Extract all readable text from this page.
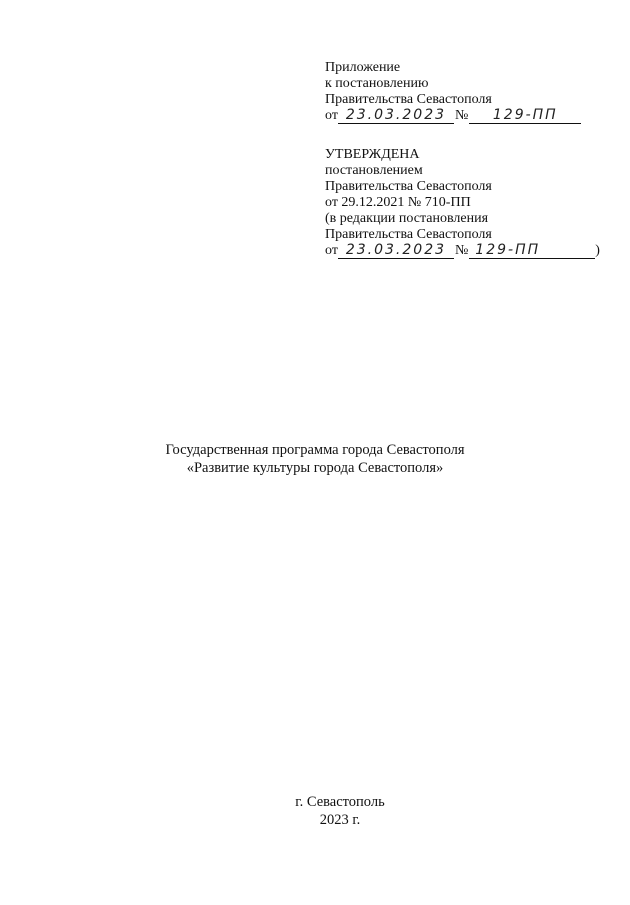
Приложение
к постановлению
Правительства Севастополя
от 23.03.2023 № 129-ПП
УТВЕРЖДЕНА
постановлением
Правительства Севастополя
от 29.12.2021 № 710-ПП
(в редакции постановления
Правительства Севастополя
от 23.03.2023 № 129-ПП	)
Государственная программа города Севастополя
«Развитие культуры города Севастополя»
г. Севастополь
2023 г.
